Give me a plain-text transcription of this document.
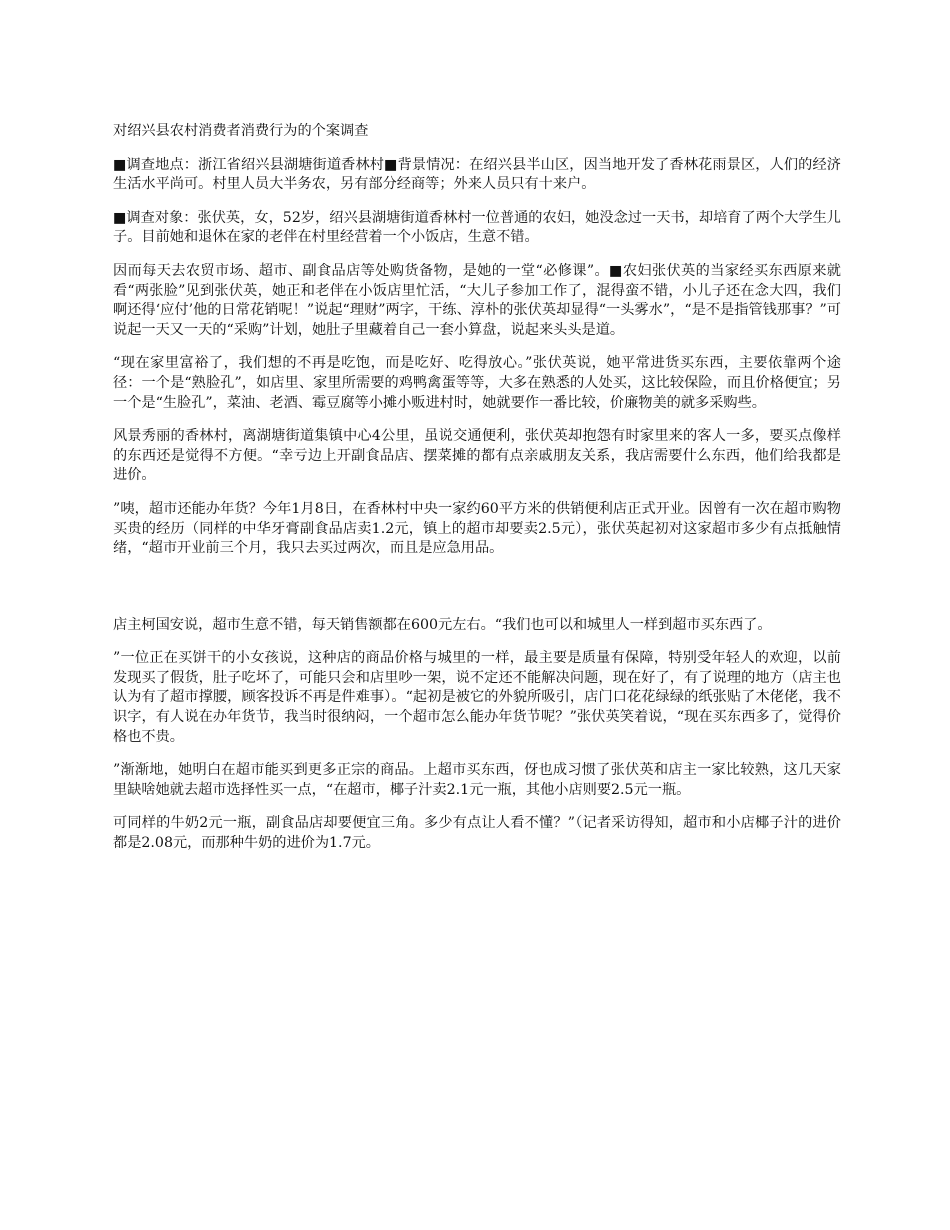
对绍兴县农村消费者消费行为的个案调查

■调查地点：浙江省绍兴县湖塘街道香林村■背景情况：在绍兴县半山区，因当地开发了香林花雨景区，人们的经济生活水平尚可。村里人员大半务农，另有部分经商等；外来人员只有十来户。

■调查对象：张伏英，女，52岁，绍兴县湖塘街道香林村一位普通的农妇，她没念过一天书，却培育了两个大学生儿子。目前她和退休在家的老伴在村里经营着一个小饭店，生意不错。

因而每天去农贸市场、超市、副食品店等处购货备物，是她的一堂“必修课”。■农妇张伏英的当家经买东西原来就看“两张脸”见到张伏英，她正和老伴在小饭店里忙活，“大儿子参加工作了，混得蛮不错，小儿子还在念大四，我们啊还得‘应付’他的日常花销呢！”说起“理财”两字，干练、淳朴的张伏英却显得“一头雾水”，“是不是指管钱那事？”可说起一天又一天的“采购”计划，她肚子里藏着自己一套小算盘，说起来头头是道。

“现在家里富裕了，我们想的不再是吃饱，而是吃好、吃得放心。”张伏英说，她平常进货买东西，主要依靠两个途径：一个是“熟脸孔”，如店里、家里所需要的鸡鸭禽蛋等等，大多在熟悉的人处买，这比较保险，而且价格便宜；另一个是“生脸孔”，菜油、老酒、霉豆腐等小摊小贩进村时，她就要作一番比较，价廉物美的就多采购些。

风景秀丽的香林村，离湖塘街道集镇中心4公里，虽说交通便利，张伏英却抱怨有时家里来的客人一多，要买点像样的东西还是觉得不方便。“幸亏边上开副食品店、摆菜摊的都有点亲戚朋友关系，我店需要什么东西，他们给我都是进价。

”咦，超市还能办年货？今年1月8日，在香林村中央一家约60平方米的供销便利店正式开业。因曾有一次在超市购物买贵的经历（同样的中华牙膏副食品店卖1.2元，镇上的超市却要卖2.5元），张伏英起初对这家超市多少有点抵触情绪，“超市开业前三个月，我只去买过两次，而且是应急用品。

店主柯国安说，超市生意不错，每天销售额都在600元左右。“我们也可以和城里人一样到超市买东西了。

”一位正在买饼干的小女孩说，这种店的商品价格与城里的一样，最主要是质量有保障，特别受年轻人的欢迎，以前发现买了假货，肚子吃坏了，可能只会和店里吵一架，说不定还不能解决问题，现在好了，有了说理的地方（店主也认为有了超市撑腰，顾客投诉不再是件难事）。“起初是被它的外貌所吸引，店门口花花绿绿的纸张贴了木佬佬，我不识字，有人说在办年货节，我当时很纳闷，一个超市怎么能办年货节呢？”张伏英笑着说，“现在买东西多了，觉得价格也不贵。

”渐渐地，她明白在超市能买到更多正宗的商品。上超市买东西，伢也成习惯了张伏英和店主一家比较熟，这几天家里缺啥她就去超市选择性买一点，“在超市，椰子汁卖2.1元一瓶，其他小店则要2.5元一瓶。

可同样的牛奶2元一瓶，副食品店却要便宜三角。多少有点让人看不懂？”（记者采访得知，超市和小店椰子汁的进价都是2.08元，而那种牛奶的进价为1.7元。
